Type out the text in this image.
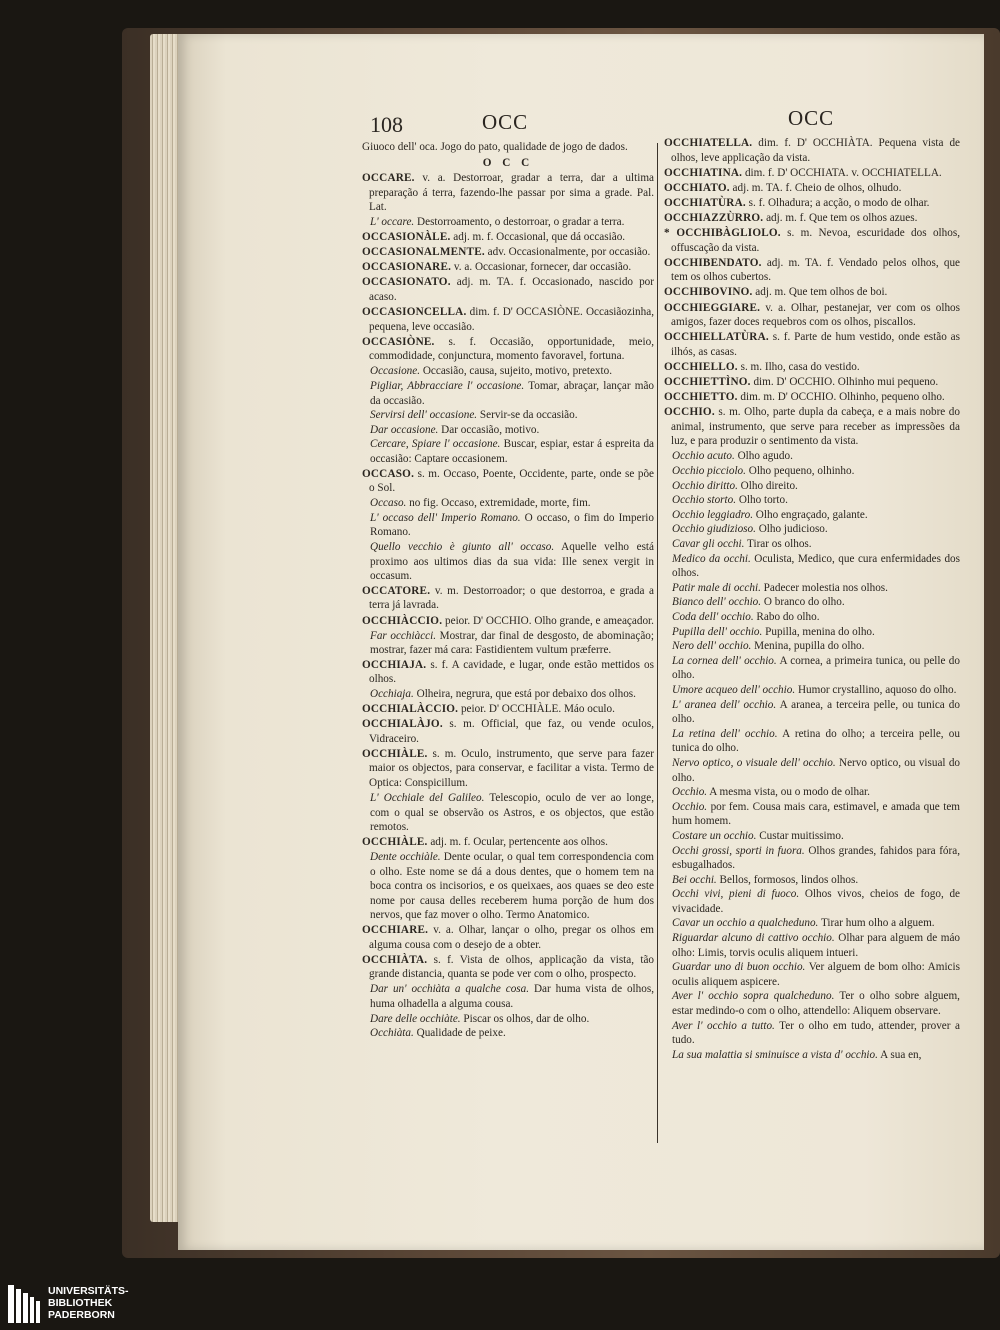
108	OCC	OCC

Giuoco dell' oca. Jogo do pato, qualidade de jogo de dados.

O C C

OCCARE. v. a. Destorroar, gradar a terra, dar a ultima preparação á terra, fazendo-lhe passar por sima a grade. Pal. Lat.

L' occare. Destorroamento, o destorroar, o gradar a terra.

OCCASIONÀLE. adj. m. f. Occasional, que dá occasião.

OCCASIONALMENTE. adv. Occasionalmente, por occasião.

OCCASIONARE. v. a. Occasionar, fornecer, dar occasião.

OCCASIONATO. adj. m. TA. f. Occasionado, nascido por acaso.

OCCASIONCELLA. dim. f. D' OCCASIÒNE. Occasiãozinha, pequena, leve occasião.

OCCASIÒNE. s. f. Occasião, opportunidade, meio, commodidade, conjunctura, momento favoravel, fortuna.

Occasione. Occasião, causa, sujeito, motivo, pretexto.

Pigliar, Abbracciare l' occasione. Tomar, abraçar, lançar mão da occasião.

Servirsi dell' occasione. Servir-se da occasião.

Dar occasione. Dar occasião, motivo.

Cercare, Spiare l' occasione. Buscar, espiar, estar á espreita da occasião: Captare occasionem.

OCCASO. s. m. Occaso, Poente, Occidente, parte, onde se põe o Sol.

Occaso. no fig. Occaso, extremidade, morte, fim.

L' occaso dell' Imperio Romano. O occaso, o fim do Imperio Romano.

Quello vecchio è giunto all' occaso. Aquelle velho está proximo aos ultimos dias da sua vida: Ille senex vergit in occasum.

OCCATORE. v. m. Destorroador; o que destorroa, e grada a terra já lavrada.

OCCHIÀCCIO. peior. D' OCCHIO. Olho grande, e ameaçador.

Far occhiàcci. Mostrar, dar final de desgosto, de abominação; mostrar, fazer má cara: Fastidientem vultum præferre.

OCCHIAJA. s. f. A cavidade, e lugar, onde estão mettidos os olhos.

Occhiaja. Olheira, negrura, que está por debaixo dos olhos.

OCCHIALÀCCIO. peior. D' OCCHIÀLE. Máo oculo.

OCCHIALÀJO. s. m. Official, que faz, ou vende oculos, Vidraceiro.

OCCHIÀLE. s. m. Oculo, instrumento, que serve para fazer maior os objectos, para conservar, e facilitar a vista. Termo de Optica: Conspicillum.

L' Occhiale del Galileo. Telescopio, oculo de ver ao longe, com o qual se observão os Astros, e os objectos, que estão remotos.

OCCHIÀLE. adj. m. f. Ocular, pertencente aos olhos.

Dente occhiàle. Dente ocular, o qual tem correspondencia com o olho. Este nome se dá a dous dentes, que o homem tem na boca contra os incisorios, e os queixaes, aos quaes se deo este nome por causa delles receberem huma porção de hum dos nervos, que faz mover o olho. Termo Anatomico.

OCCHIARE. v. a. Olhar, lançar o olho, pregar os olhos em alguma cousa com o desejo de a obter.

OCCHIÀTA. s. f. Vista de olhos, applicação da vista, tão grande distancia, quanta se pode ver com o olho, prospecto.

Dar un' occhiàta a qualche cosa. Dar huma vista de olhos, huma olhadella a alguma cousa.

Dare delle occhiàte. Piscar os olhos, dar de olho.

Occhiàta. Qualidade de peixe.

OCCHIATELLA. dim. f. D' OCCHIÀTA. Pequena vista de olhos, leve applicação da vista.

OCCHIATINA. dim. f. D' OCCHIATA. v. OCCHIATELLA.

OCCHIATO. adj. m. TA. f. Cheio de olhos, olhudo.

OCCHIATÙRA. s. f. Olhadura; a acção, o modo de olhar.

OCCHIAZZÙRRO. adj. m. f. Que tem os olhos azues.

* OCCHIBÀGLIOLO. s. m. Nevoa, escuridade dos olhos, offuscação da vista.

OCCHIBENDATO. adj. m. TA. f. Vendado pelos olhos, que tem os olhos cubertos.

OCCHIBOVINO. adj. m. Que tem olhos de boi.

OCCHIEGGIARE. v. a. Olhar, pestanejar, ver com os olhos amigos, fazer doces requebros com os olhos, piscallos.

OCCHIELLATÙRA. s. f. Parte de hum vestido, onde estão as ilhós, as casas.

OCCHIELLO. s. m. Ilho, casa do vestido.

OCCHIETTÌNO. dim. D' OCCHIO. Olhinho mui pequeno.

OCCHIETTO. dim. m. D' OCCHIO. Olhinho, pequeno olho.

OCCHIO. s. m. Olho, parte dupla da cabeça, e a mais nobre do animal, instrumento, que serve para receber as impressões da luz, e para produzir o sentimento da vista.

Occhio acuto. Olho agudo.

Occhio picciolo. Olho pequeno, olhinho.

Occhio diritto. Olho direito.

Occhio storto. Olho torto.

Occhio leggiadro. Olho engraçado, galante.

Occhio giudizioso. Olho judicioso.

Cavar gli occhi. Tirar os olhos.

Medico da occhi. Oculista, Medico, que cura enfermidades dos olhos.

Patir male di occhi. Padecer molestia nos olhos.

Bianco dell' occhio. O branco do olho.

Coda dell' occhio. Rabo do olho.

Pupilla dell' occhio. Pupilla, menina do olho.

Nero dell' occhio. Menina, pupilla do olho.

La cornea dell' occhio. A cornea, a primeira tunica, ou pelle do olho.

Umore acqueo dell' occhio. Humor crystallino, aquoso do olho.

L' aranea dell' occhio. A aranea, a terceira pelle, ou tunica do olho.

La retina dell' occhio. A retina do olho; a terceira pelle, ou tunica do olho.

Nervo optico, o visuale dell' occhio. Nervo optico, ou visual do olho.

Occhio. A mesma vista, ou o modo de olhar.

Occhio. por fem. Cousa mais cara, estimavel, e amada que tem hum homem.

Costare un occhio. Custar muitissimo.

Occhi grossi, sporti in fuora. Olhos grandes, fahidos para fóra, esbugalhados.

Bei occhi. Bellos, formosos, lindos olhos.

Occhi vivi, pieni di fuoco. Olhos vivos, cheios de fogo, de vivacidade.

Cavar un occhio a qualcheduno. Tirar hum olho a alguem.

Riguardar alcuno di cattivo occhio. Olhar para alguem de máo olho: Limis, torvis oculis aliquem intueri.

Guardar uno di buon occhio. Ver alguem de bom olho: Amicis oculis aliquem aspicere.

Aver l' occhio sopra qualcheduno. Ter o olho sobre alguem, estar medindo-o com o olho, attendello: Aliquem observare.

Aver l' occhio a tutto. Ter o olho em tudo, attender, prover a tudo.

La sua malattia si sminuisce a vista d' occhio. A sua en,

UNIVERSITÄTS-
BIBLIOTHEK
PADERBORN
